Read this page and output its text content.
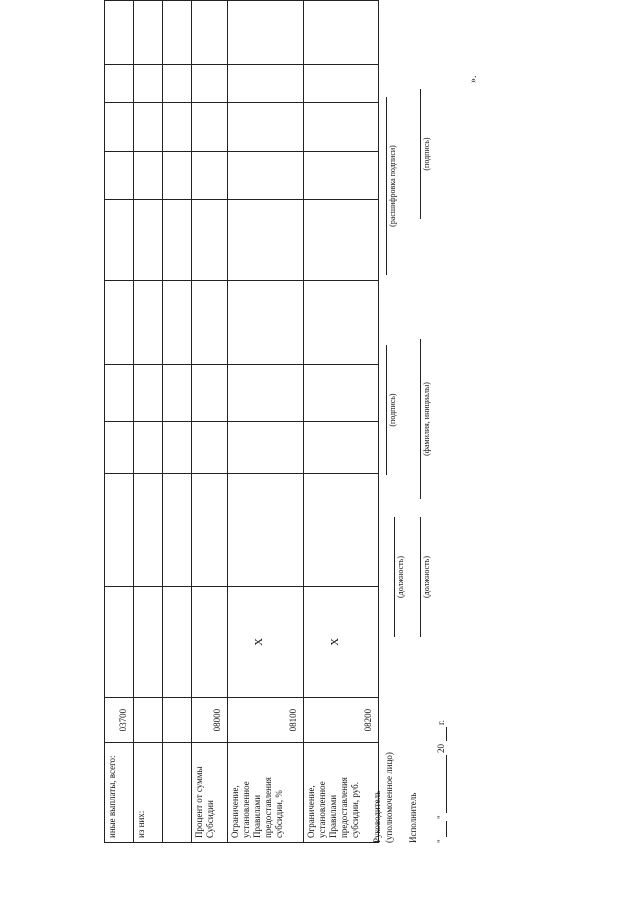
иные выплаты, всего:	03700										
из них:											

Процент от суммы Субсидии	08000										
Ограничение, установленное Правилами предоставления субсидии, %	08100	Х									
Ограничение, установленное Правилами предоставления субсидии, руб.	08200	Х									
Руководитель (уполномоченное лицо)
(должность)
(подпись)
(расшифровка подписи)
Исполнитель
(должность)
(фамилия, инициалы)
(подпись)
"
"
20
г.
».
